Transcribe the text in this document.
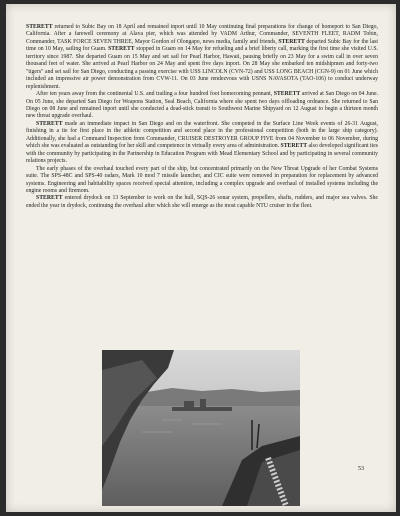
STERETT returned to Subic Bay on 18 April and remained inport until 10 May continuing final preparations for change of homeport to San Diego, California. After a farewell ceremony at Alava pier, which was attended by VADM Arthur, Commander, SEVENTH FLEET, RADM Tobin, Commander, TASK FORCE SEVEN THREE, Mayor Gordon of Olongapo, news media, family and friends, STERETT departed Subic Bay for the last time on 10 May, sailing for Guam. STERETT stopped in Guam on 14 May for refueling and a brief liberty call, marking the first time she visited U.S. territory since 1987. She departed Guam on 15 May and set sail for Pearl Harbor, Hawaii, pausing briefly on 23 May for a swim call in over seven thousand feet of water. She arrived at Pearl Harbor on 24 May and spent five days inport. On 28 May she embarked ten midshipmen and forty-two "tigers" and set sail for San Diego, conducting a passing exercise with USS LINCOLN (CVN-72) and USS LONG BEACH (CGN-9) on 01 June which included an impressive air power demonstration from CVW-11. On 03 June rendezvous with USNS NAVASOTA (TAO-106) to conduct underway replenishment.

After ten years away from the continental U.S. and trailing a four hundred foot homecoming pennant, STERETT arrived at San Diego on 04 June. On 05 June, she departed San Diego for Weapons Station, Seal Beach, California where she spent two days offloading ordnance. She returned to San Diego on 08 June and remained inport until she conducted a dead-stick transit to Southwest Marine Shipyard on 12 August to begin a thirteen month new threat upgrade overhaul.

STERETT made an immediate impact in San Diego and on the waterfront. She competed in the Surface Line Week events of 26-31 August, finishing in a tie for first place in the athletic competition and second place in the professional competition (both in the large ship category). Additionally, she had a Command Inspection from Commander, CRUISER DESTROYER GROUP FIVE from 04 November to 06 November, during which she was evaluated as outstanding for her skill and competence in virtually every area of administration. STERETT also developed significant ties with the community by participating in the Partnership in Education Program with Mead Elementary School and by participating in several community relations projects.

The early phases of the overhaul touched every part of the ship, but concentrated primarily on the New Threat Upgrade of her Combat Systems suite. The SPS-48C and SPS-40 radars, Mark 10 mod 7 missile launcher, and CIC suite were removed in preparation for replacement by advanced systems. Engineering and habitability spaces received special attention, including a complex upgrade and overhaul of installed systems including the engine rooms and firemom.

STERETT entered drydock on 13 September to work on the hull, SQS-26 sonar system, propellers, shafts, rudders, and major sea valves. She ended the year in drydock, continuing the overhaul after which she will emerge as the most capable NTU cruiser in the fleet.

53
